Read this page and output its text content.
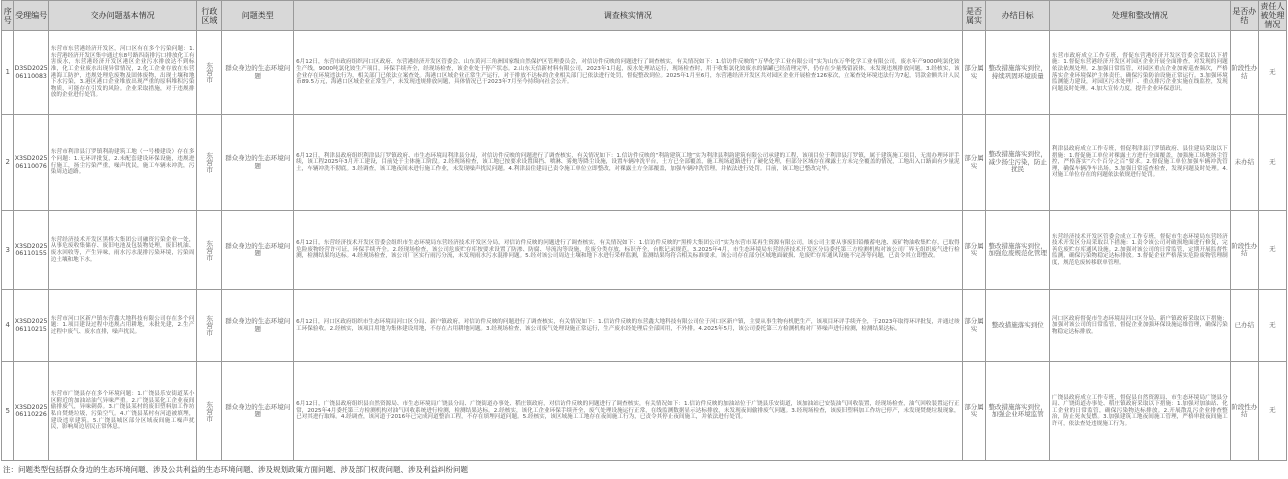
序号	受理编号	交办问题基本情况	行政区域	问题类型	调查核实情况	是否属实	办结目标	处理和整改情况	是否办结	责任人被处理情况
1	D3SD202506110083	东营市东营港经济开发区，河口区有在多个污染问题：1.东营港经济开发区集中通过东8号路四南排污口排放化工有害废水，东营港经济开发区港区企业污水排放达不到标准，化工企业废水出现异常情况，2.化工企业存放在东营港海工防护，违规处理危废物及固体废物，出现土壤和地下水污染，3.港区港口企业堆放出现严重的原料堆积污染物质，可能存在引发的风险。企业采取措施，对于违规排放的企业进行处罚。	东营市	群众身边的生态环境问题	6月12日，东营市政府组织河口区政府、东营港经济开发区管委会、山东黄河三角洲国家级自然保护区管理委员会，对信访件反映的问题进行了调查核实，有关情况如下：1.信访件反映的“万华化学工业有限公司”实为山东万华化学工业有限公司，废水年产9000吨氯化铵生产线，9000吨氯化铵生产项目，环保手续齐全，经现场检查，该企业处于停产状态。2.山东天信新材料有限公司，2023年1月起，废水处理站运行，现场检查时，用于收集氯化铵废水的储罐已经清理完毕，仍存在少量残留液体，未发现违规排放问题。3.经核实，该企业存在环境违法行为，相关部门已依法立案查处。海港口区域企业正常生产运行，对于排放不达标的企业相关部门已依法进行处罚，督促整改到位。2025年1月至6月，东营港经济开发区共对园区企业开展检查126家次，立案查处环境违法行为7起，罚款金额共计人民币89.5万元，海港口区域企业正常生产，未发现违规排放问题，具体情况已于2023年7月至今持续向社会公开。	部分属实	整改措施落实到位，持续巩固环境质量	东营市政府成立工作专班，督促东营港经济开发区管委会采取以下措施：1.督促东营港经济开发区对园区企业开展全面排查，对发现的问题依法依规处理。2.加强日常监管，对园区重点企业加密巡查频次，严格落实企业环境保护主体责任，确保污染防治设施正常运行。3.加强环境监测能力建设，对园区污水处理厂、重点排污企业实施在线监控，发现问题及时处理。4.加大宣传力度，提升企业环保意识。	阶段性办结	无
2	X3SD202506110076	东营市利津县汀罗镇利韵建筑工地（一号楼建设）存在多个问题：1.无环评批复，2.未配套建设环保设施，违规进行施工，扬尘污染严重，噪声扰民，施工车辆未冲洗，污染周边道路。	东营市	群众身边的生态环境问题	6月12日，利津县政府组织利津县汀罗镇政府、市生态环境局利津县分局，对信访件反映的问题进行了调查核实，有关情况如下：1.信访件反映的“利韵建筑工地”实为利津县利韵建筑有限公司承建的工程，该项目位于利津县汀罗镇，属于建筑施工项目，无需办理环评手续，该工程2025年3月开工建设，目前处于主体施工阶段。2.经现场检查，该工地已按要求设置围挡、喷淋、雾炮等降尘设施，设置车辆冲洗平台，土方已全部覆盖，施工现场道路进行了硬化处理，但部分区域存在裸露土方未完全覆盖的情况，工地出入口路面有少量泥土，车辆冲洗不彻底。3.经调查，该工地夜间未进行施工作业，未发现噪声扰民问题。4.利津县住建局已责令施工单位立即整改，对裸露土方全部覆盖，加强车辆冲洗管理，并依法进行处罚。目前，该工地已整改完毕。	部分属实	整改措施落实到位，减少扬尘污染，防止扰民	利津县政府成立工作专班，督促利津县汀罗镇政府、县住建局采取以下措施：1.督促施工单位对裸露土方进行全面覆盖，加强施工场地扬尘管控，严格落实“六个百分之百”要求。2.督促施工单位加强车辆冲洗管理，确保车辆净车出场。3.加强日常巡查检查，发现问题及时处理。4.对施工单位存在的问题依法依规进行处罚。	未办结	无
3	X3SD202506110155	东营经济技术开发区黑桥大集团公司融资污染企业一处，从事危废收集储存、废旧电池及包装物处理，废旧机油、废水回收等，产生异味，雨水污水混排污染环境，污染周边土壤和地下水。	东营市	群众身边的生态环境问题	6月12日，东营经济技术开发区管委会组织市生态环境局东营经济技术开发区分局，对信访件反映的问题进行了调查核实，有关情况如下：1.信访件反映的“黑桥大集团公司”实为东营市某再生资源有限公司，该公司主要从事废旧铅酸蓄电池、废矿物油收集贮存，已取得危险废物经营许可证，环保手续齐全。2.经现场检查，该公司危废贮存库按要求设置了防渗、防腐、导流沟等设施，危废分类存放，标识齐全，台账记录规范。3.2025年4月，市生态环境局东营经济技术开发区分局委托第三方检测机构对该公司厂界无组织废气进行检测，检测结果均达标。4.经现场检查，该公司厂区实行雨污分流，未发现雨水污水混排问题。5.经对该公司周边土壤和地下水进行采样监测，监测结果均符合相关标准要求。该公司存在部分区域地面破损、危废贮存库通风设施不完善等问题，已责令其立即整改。	部分属实	整改措施落实到位，加强危废规范化管理	东营经济技术开发区管委会成立工作专班，督促市生态环境局东营经济技术开发区分局采取以下措施：1.责令该公司对破损地面进行修复，完善危废贮存库通风设施。2.加强对该公司的日常监管，定期开展监督性监测，确保污染物稳定达标排放。3.督促企业严格落实危险废物管理制度，规范危废转移联单管理。	阶段性办结	无
4	X3SD202506110215	东营市河口区新户镇东营鑫大地科技有限公司存在多个问题：1.项目建设过程中违规占用耕地，未批先建，2.生产过程中废气、废水直排，噪声扰民。	东营市	群众身边的生态环境问题	6月12日，河口区政府组织市生态环境局河口区分局、新户镇政府，对信访件反映的问题进行了调查核实，有关情况如下：1.信访件反映的东营鑫大地科技有限公司位于河口区新户镇，主要从事生物有机肥生产，该项目环评手续齐全，于2023年取得环评批复，并通过竣工环保验收。2.经核实，该项目用地为集体建设用地，不存在占用耕地问题。3.经现场检查，该公司废气处理设施正常运行，生产废水经处理后全部回用，不外排。4.2025年5月，该公司委托第三方检测机构对厂界噪声进行检测，检测结果达标。	部分属实	整改措施落实到位	河口区政府督促市生态环境局河口区分局、新户镇政府采取以下措施：加强对该公司的日常监管，督促企业加强环保设施运维管理，确保污染物稳定达标排放。	已办结	无
5	X3SD202506110226	东营市广饶县存在多个环境问题：1.广饶县乐安街道某小区附近的加油站油气异味严重。2.广饶县某化工企业夜间偷排废气，异味刺鼻。3.广饶县某村的废旧塑料加工作坊私自焚烧垃圾，污染空气。4.广饶县某村有河道被填埋，建设违章建筑。5.广饶县城区部分区域夜间施工噪声扰民，影响周边居民正常休息。	东营市	群众身边的生态环境问题	6月12日，广饶县政府组织县自然资源局、市生态环境局广饶县分局、广饶街道办事处、稻庄镇政府，对信访件反映的问题进行了调查核实，有关情况如下：1.信访件反映的加油站位于广饶县乐安街道，该加油站已安装油气回收装置，经现场检查，油气回收装置运行正常，2025年4月委托第三方检测机构对油气回收系统进行检测，检测结果达标。2.经核实，该化工企业环保手续齐全，废气处理设施运行正常，在线监测数据显示达标排放，未发现夜间偷排废气问题。3.经现场检查，该废旧塑料加工作坊已停产，未发现焚烧垃圾现象，已对其进行取缔。4.经调查，该河道于2016年已完成河道整治工程，不存在填埋河道问题。5.经核实，该区域施工工地存在夜间施工行为，已责令其停止夜间施工，并依法进行处罚。	部分属实	整改措施落实到位，加强企业环境监管	广饶县政府成立工作专班，督促县自然资源局、市生态环境局广饶县分局、广饶街道办事处、稻庄镇政府采取以下措施：1.加强对加油站、化工企业的日常监管，确保污染物达标排放。2.开展散乱污企业排查整治，防止死灰复燃。3.加强建筑工地夜间施工管理，严格审批夜间施工许可，依法查处违规施工行为。	阶段性办结	无
注：问题类型包括群众身边的生态环境问题、涉及公共利益的生态环境问题、涉及规划政策方面问题、涉及部门权责问题、涉及利益纠纷问题
